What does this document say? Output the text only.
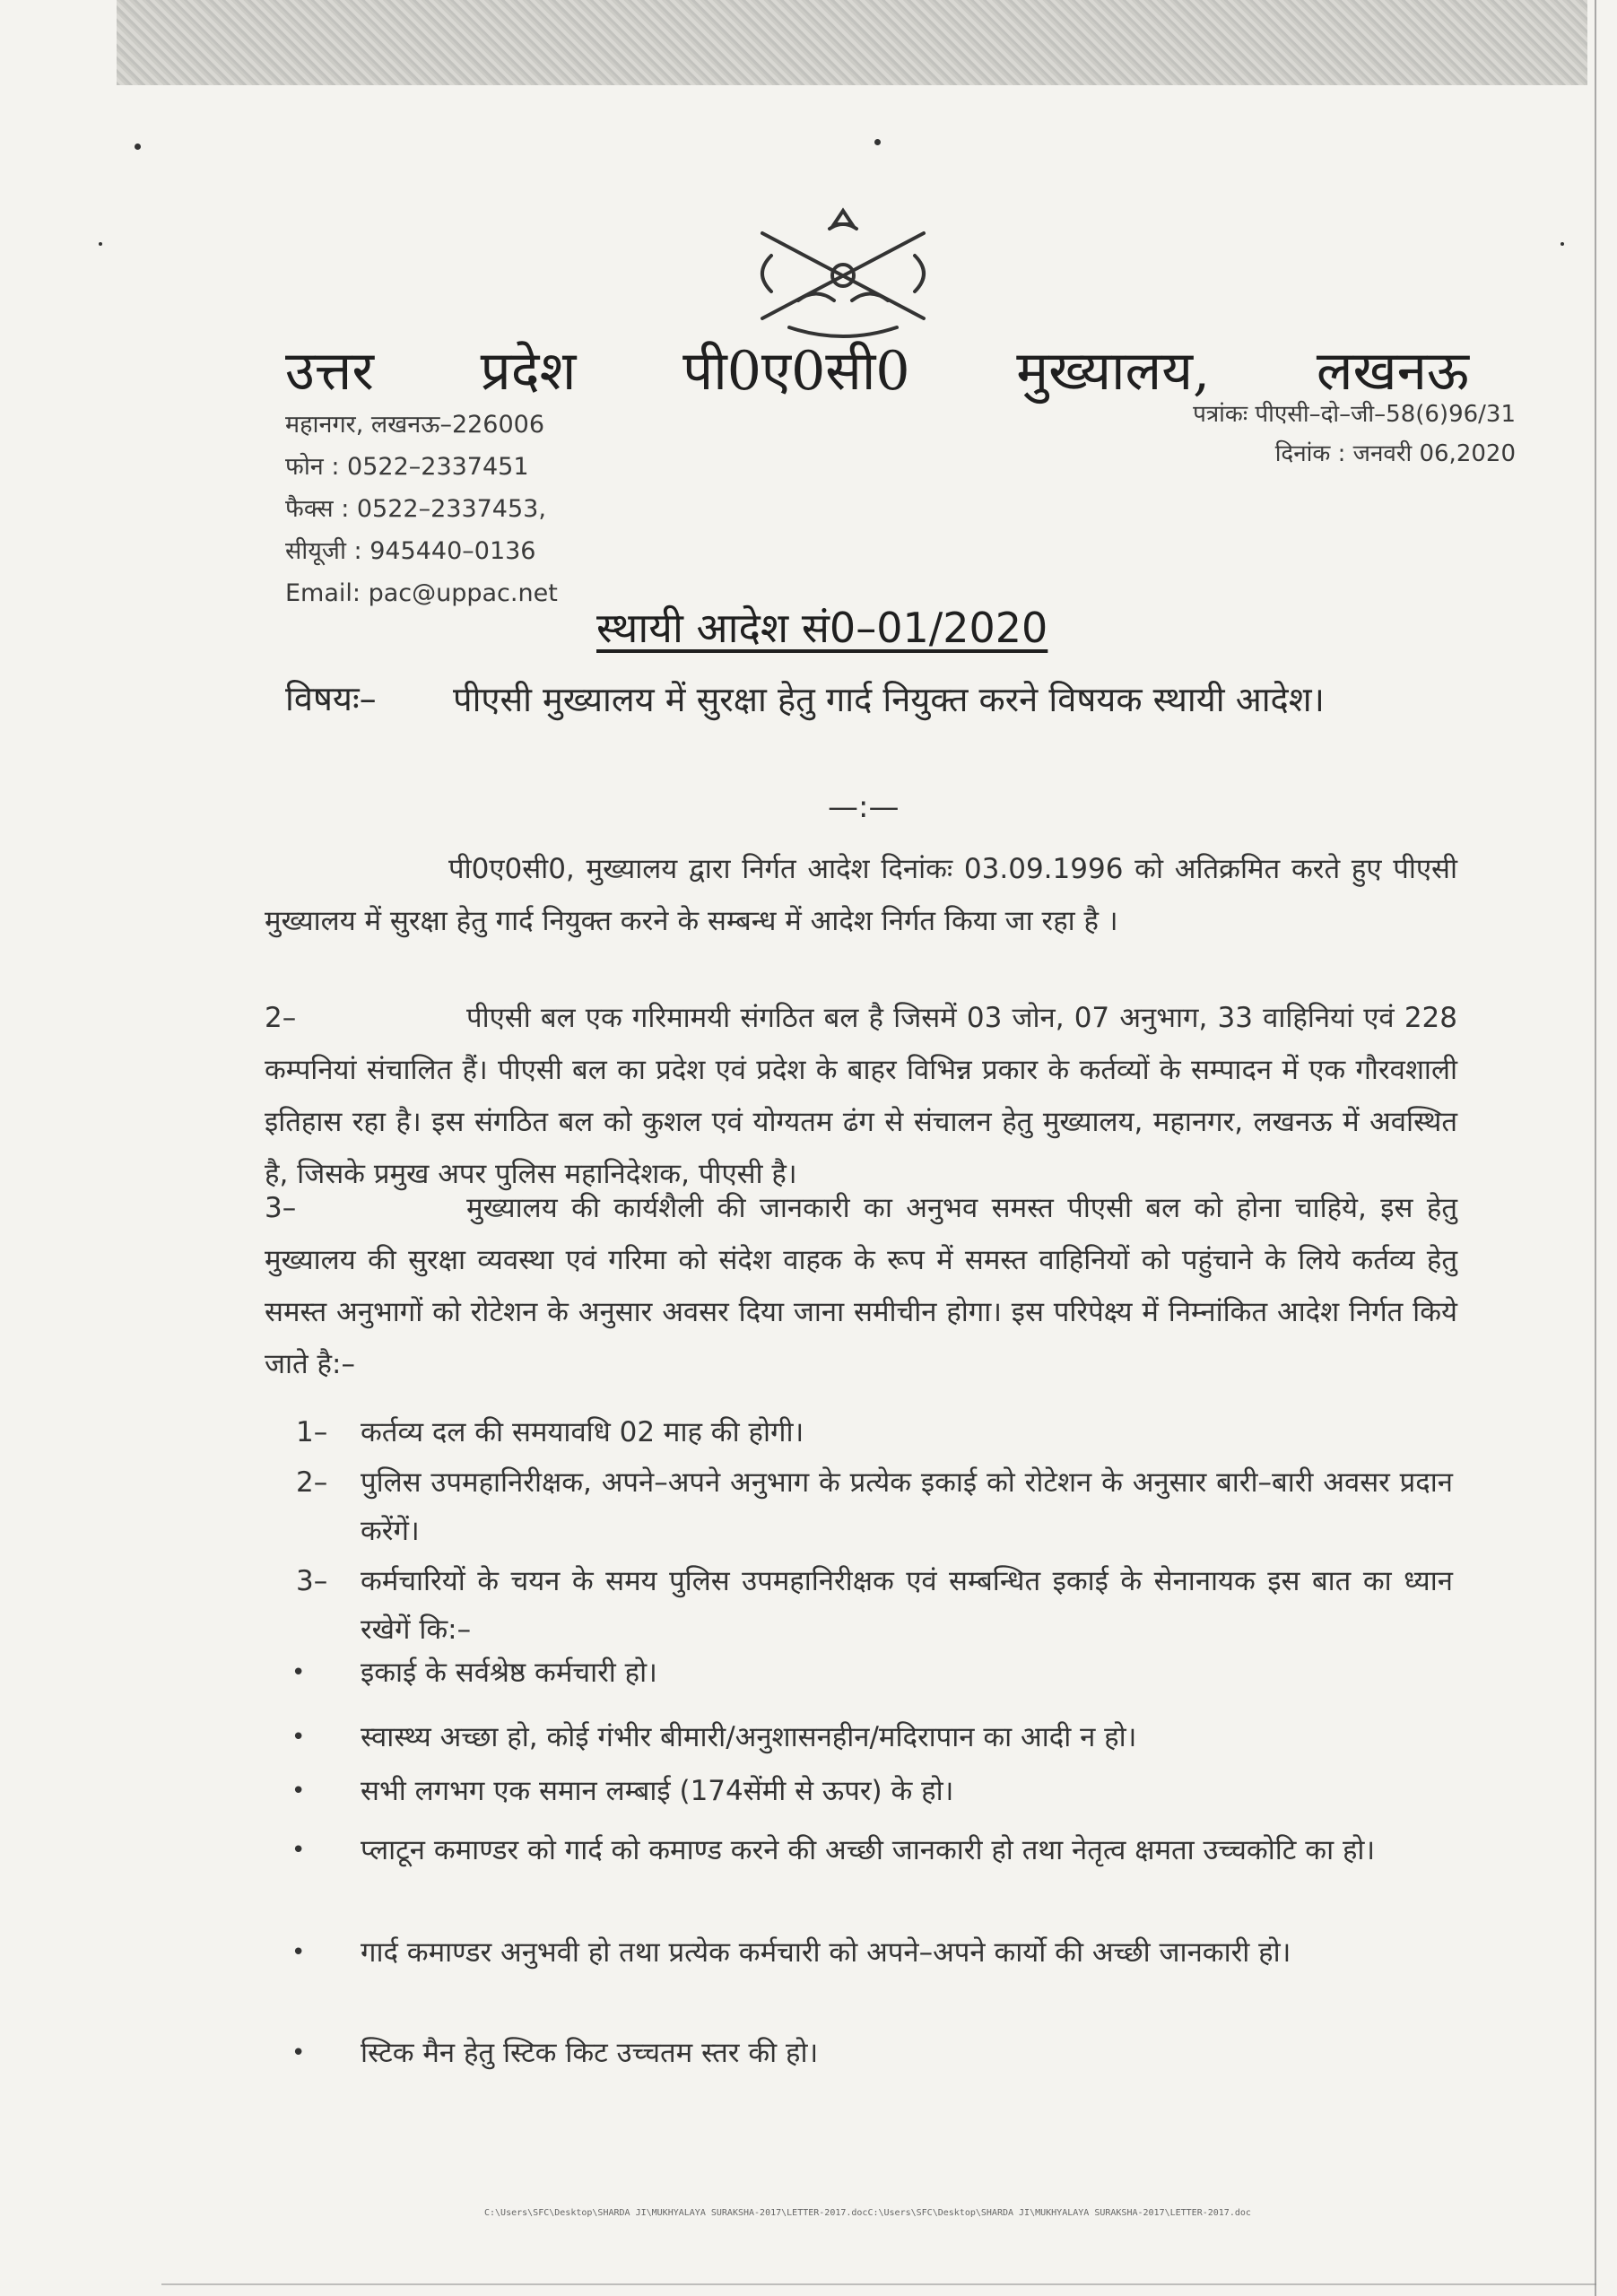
उत्तर प्रदेश पी0ए0सी0 मुख्यालय, लखनऊ
महानगर, लखनऊ–226006
फोन : 0522–2337451
फैक्स : 0522–2337453,
सीयूजी : 945440–0136
Email: pac@uppac.net
पत्रांकः पीएसी–दो–जी–58(6)96/31
दिनांक : जनवरी 06,2020
स्थायी आदेश सं0–01/2020
विषयः– पीएसी मुख्यालय में सुरक्षा हेतु गार्द नियुक्त करने विषयक स्थायी आदेश।
—:—
पी0ए0सी0, मुख्यालय द्वारा निर्गत आदेश दिनांकः 03.09.1996 को अतिक्रमित करते हुए पीएसी मुख्यालय में सुरक्षा हेतु गार्द नियुक्त करने के सम्बन्ध में आदेश निर्गत किया जा रहा है ।
2–	पीएसी बल एक गरिमामयी संगठित बल है जिसमें 03 जोन, 07 अनुभाग, 33 वाहिनियां एवं 228 कम्पनियां संचालित हैं। पीएसी बल का प्रदेश एवं प्रदेश के बाहर विभिन्न प्रकार के कर्तव्यों के सम्पादन में एक गौरवशाली इतिहास रहा है। इस संगठित बल को कुशल एवं योग्यतम ढंग से संचालन हेतु मुख्यालय, महानगर, लखनऊ में अवस्थित है, जिसके प्रमुख अपर पुलिस महानिदेशक, पीएसी है।
3–	मुख्यालय की कार्यशैली की जानकारी का अनुभव समस्त पीएसी बल को होना चाहिये, इस हेतु मुख्यालय की सुरक्षा व्यवस्था एवं गरिमा को संदेश वाहक के रूप में समस्त वाहिनियों को पहुंचाने के लिये कर्तव्य हेतु समस्त अनुभागों को रोटेशन के अनुसार अवसर दिया जाना समीचीन होगा। इस परिपेक्ष्य में निम्नांकित आदेश निर्गत किये जाते है:–
1–	कर्तव्य दल की समयावधि 02 माह की होगी।
2–	पुलिस उपमहानिरीक्षक, अपने–अपने अनुभाग के प्रत्येक इकाई को रोटेशन के अनुसार बारी–बारी अवसर प्रदान करेंगें।
3–	कर्मचारियों के चयन के समय पुलिस उपमहानिरीक्षक एवं सम्बन्धित इकाई के सेनानायक इस बात का ध्यान रखेगें कि:–
•	इकाई के सर्वश्रेष्ठ कर्मचारी हो।
•	स्वास्थ्य अच्छा हो, कोई गंभीर बीमारी/अनुशासनहीन/मदिरापान का आदी न हो।
•	सभी लगभग एक समान लम्बाई (174सेंमी से ऊपर) के हो।
•	प्लाटून कमाण्डर को गार्द को कमाण्ड करने की अच्छी जानकारी हो तथा नेतृत्व क्षमता उच्चकोटि का हो।
•	गार्द कमाण्डर अनुभवी हो तथा प्रत्येक कर्मचारी को अपने–अपने कार्यो की अच्छी जानकारी हो।
•	स्टिक मैन हेतु स्टिक किट उच्चतम स्तर की हो।
C:\Users\SFC\Desktop\SHARDA JI\MUKHYALAYA SURAKSHA-2017\LETTER-2017.docC:\Users\SFC\Desktop\SHARDA JI\MUKHYALAYA SURAKSHA-2017\LETTER-2017.doc
